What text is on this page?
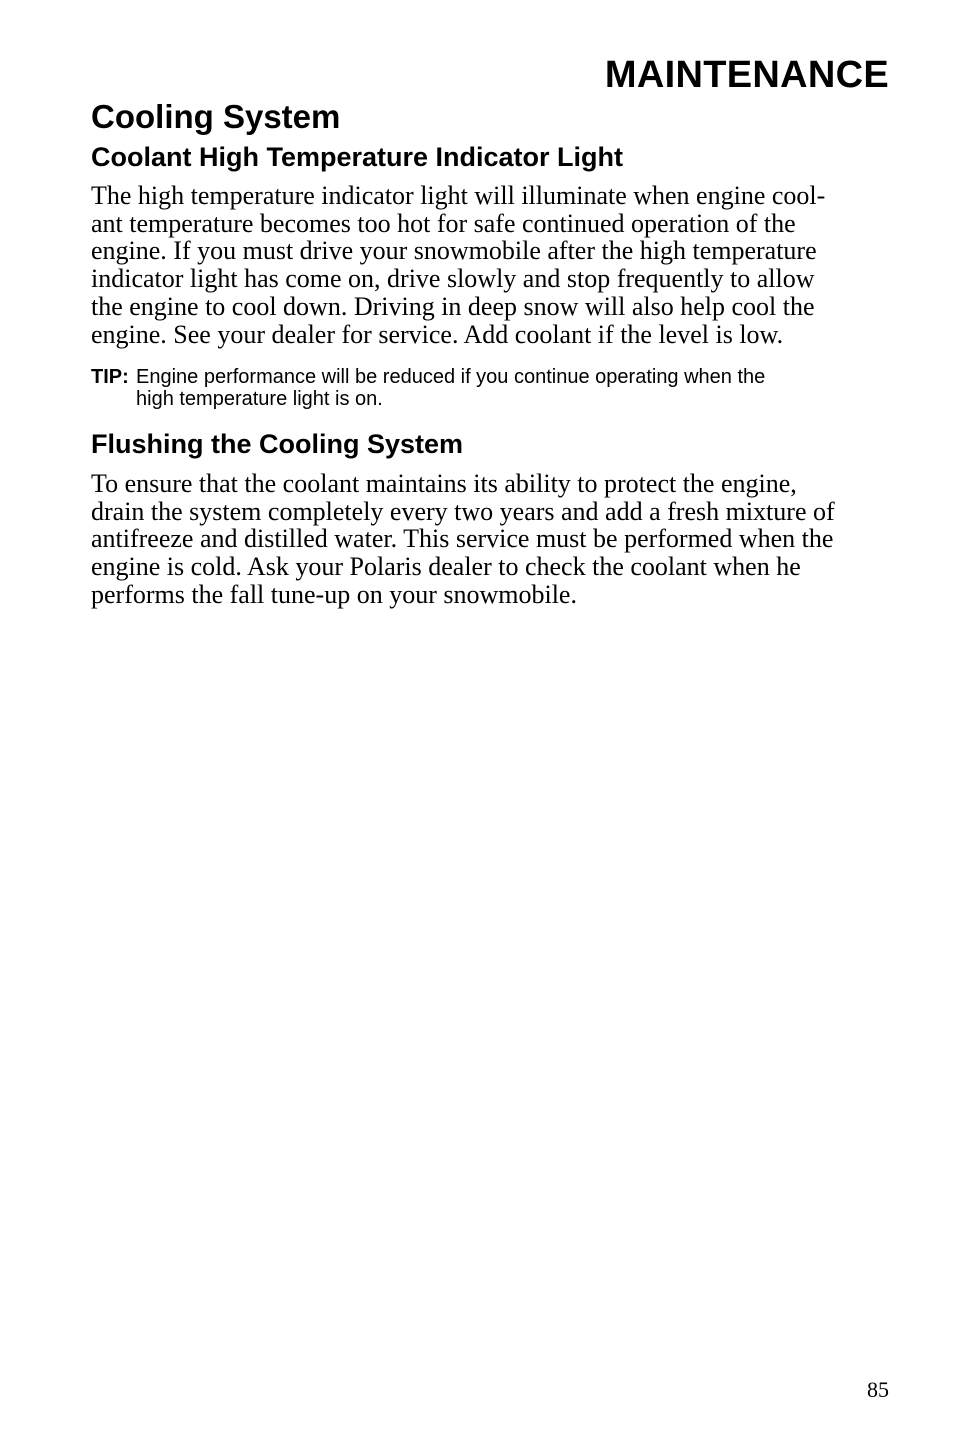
MAINTENANCE
Cooling System
Coolant High Temperature Indicator Light

The high temperature indicator light will illuminate when engine cool-
ant temperature becomes too hot for safe continued operation of the
engine. If you must drive your snowmobile after the high temperature
indicator light has come on, drive slowly and stop frequently to allow
the engine to cool down. Driving in deep snow will also help cool the
engine. See your dealer for service. Add coolant if the level is low.

TIP: Engine performance will be reduced if you continue operating when the
high temperature light is on.
Flushing the Cooling System

To ensure that the coolant maintains its ability to protect the engine,
drain the system completely every two years and add a fresh mixture of
antifreeze and distilled water. This service must be performed when the
engine is cold. Ask your Polaris dealer to check the coolant when he
performs the fall tune-up on your snowmobile.

85
